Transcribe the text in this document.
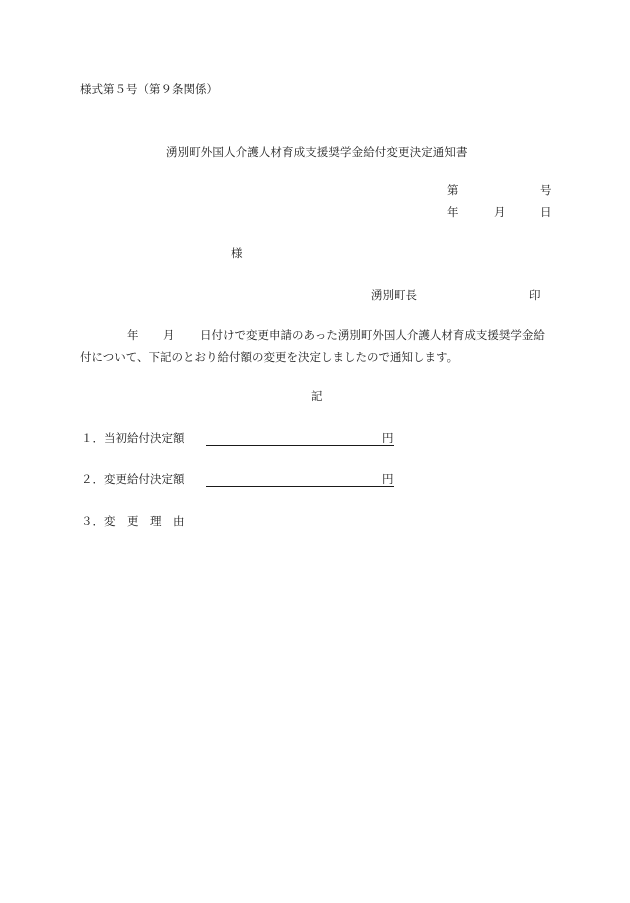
様式第５号（第９条関係）
湧別町外国人介護人材育成支援奨学金給付変更決定通知書
第	号
年	月	日
様
湧別町長	印
年 月 日付けで変更申請のあった湧別町外国人介護人材育成支援奨学金給
付について、下記のとおり給付額の変更を決定しましたので通知します。
記
１．当初給付決定額	円
２．変更給付決定額	円
３．変　更　理　由
